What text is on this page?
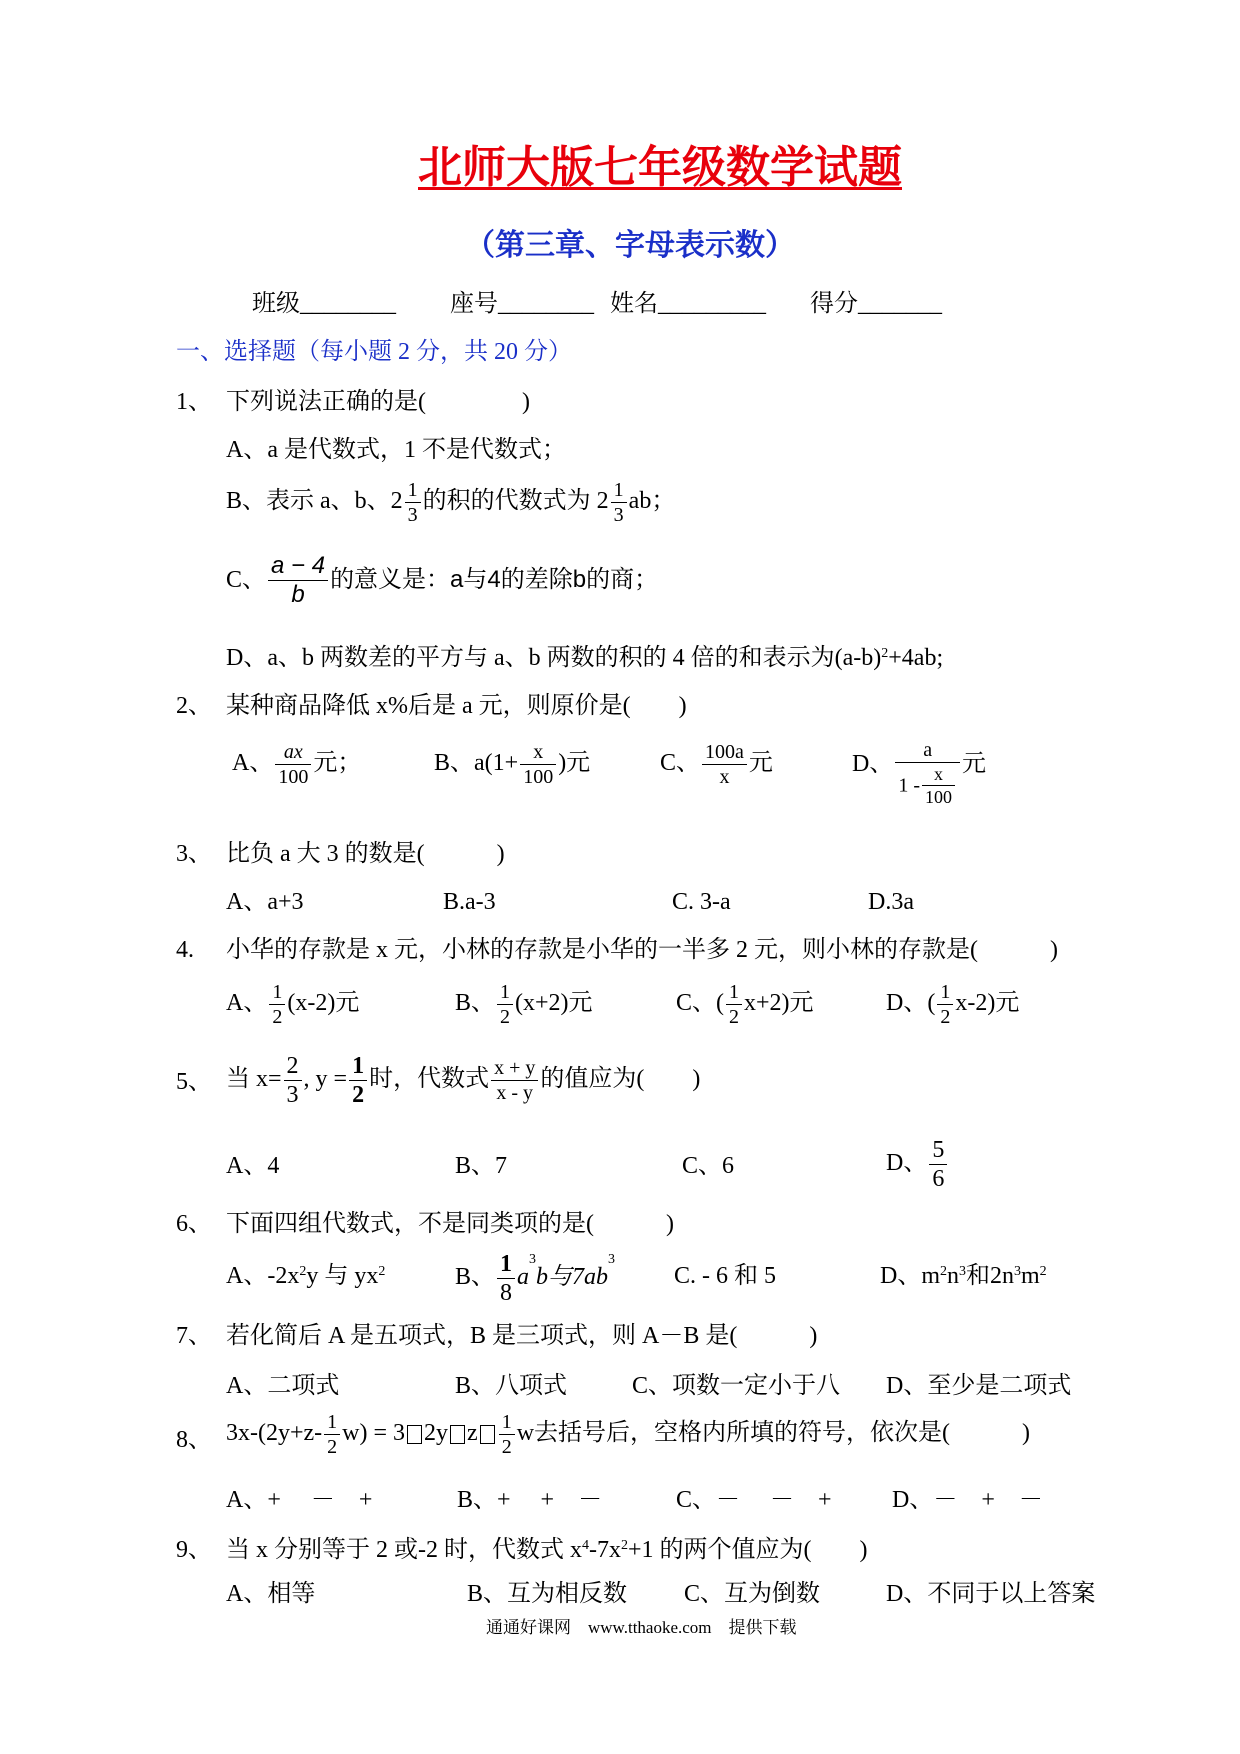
北师大版七年级数学试题
（第三章、字母表示数）
班级________ 座号________ 姓名_________ 得分_______
一、选择题（每小题 2 分，共 20 分）
1、 下列说法正确的是(　　　　)
A、a 是代数式，1 不是代数式；
B、表示 a、b、$2 \frac{1}{3}$ 的积的代数式为 $2 \frac{1}{3}$ ab；
C、 $\frac{a - 4}{b}$ 的意义是：a与4的差除b的商；
D、a、b 两数差的平方与 a、b 两数的积的 4 倍的和表示为$(a-b)^2+4ab$;
2、 某种商品降低 x%后是 a 元，则原价是(　　)
A、 $\frac{ax}{100}$ 元；	B、$a(1+ \frac{x}{100}$ )元	C、 $\frac{100a}{x}$ 元	D、 $\frac{a}{1 - \frac{x}{100}}$ 元
3、 比负 a 大 3 的数是(　　　)
A、a+3	B.a-3	C. 3-a	D.3a
4. 小华的存款是 x 元，小林的存款是小华的一半多 2 元，则小林的存款是(　　　)
A、 $\frac{1}{2} (x-2)$元	B、 $\frac{1}{2} (x+2)$元	C、( $\frac{1}{2} x+2$)元	D、( $\frac{1}{2} x-2$)元
5、 当 $x= \frac{2}{3}$ , $y = \frac{1}{2}$ 时，代数式 $\frac{x + y}{x - y}$ 的值应为(　　)
A、4	B、7	C、6	D、 $\frac{5}{6}$
6、 下面四组代数式，不是同类项的是(　　　)
A、$-2x^2y$ 与 $yx^2$	B、 $\frac{1}{8} a^3b$与$7ab^3$
C. - 6 和 5	D、$m^2n^3$和$2n^3m^2$
7、 若化简后 A 是五项式，B 是三项式，则 A－B 是(　　　)
A、二项式	B、八项式	C、项数一定小于八 D、至少是二项式
8、 $3x-(2y+z- \frac{1}{2} w) = 3$ 2y z $\frac{1}{2}$ w去括号后，空格内所填的符号，依次是(　　　)
A、+　 －　+	B、+　 +　－	C、－　 －　+	D、－　+　－
9、 当 x 分别等于 2 或-2 时，代数式 $x^4-7x^2+1$ 的两个值应为(　　)
A、相等	B、互为相反数 C、互为倒数	D、不同于以上答案
通通好课网　www.tthaoke.com　提供下载
